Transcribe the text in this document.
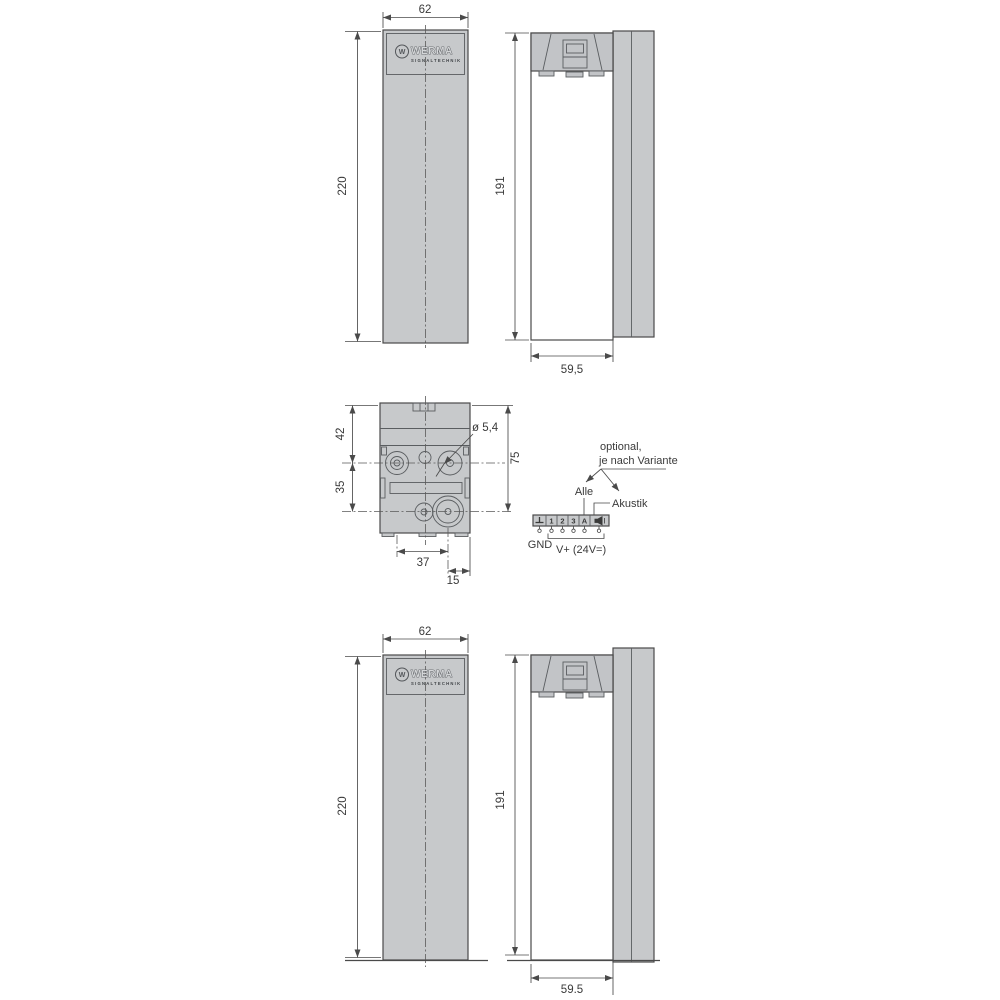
62
220
W WERMA
SIGNALTECHNIK
191
59,5
42
35
75
ø 5,4
37
15
optional,
je nach Variante
Alle
Akustik
1 2 3 A
GND V+ (24V=)
62
220
W WERMA
SIGNALTECHNIK
191
59.5
